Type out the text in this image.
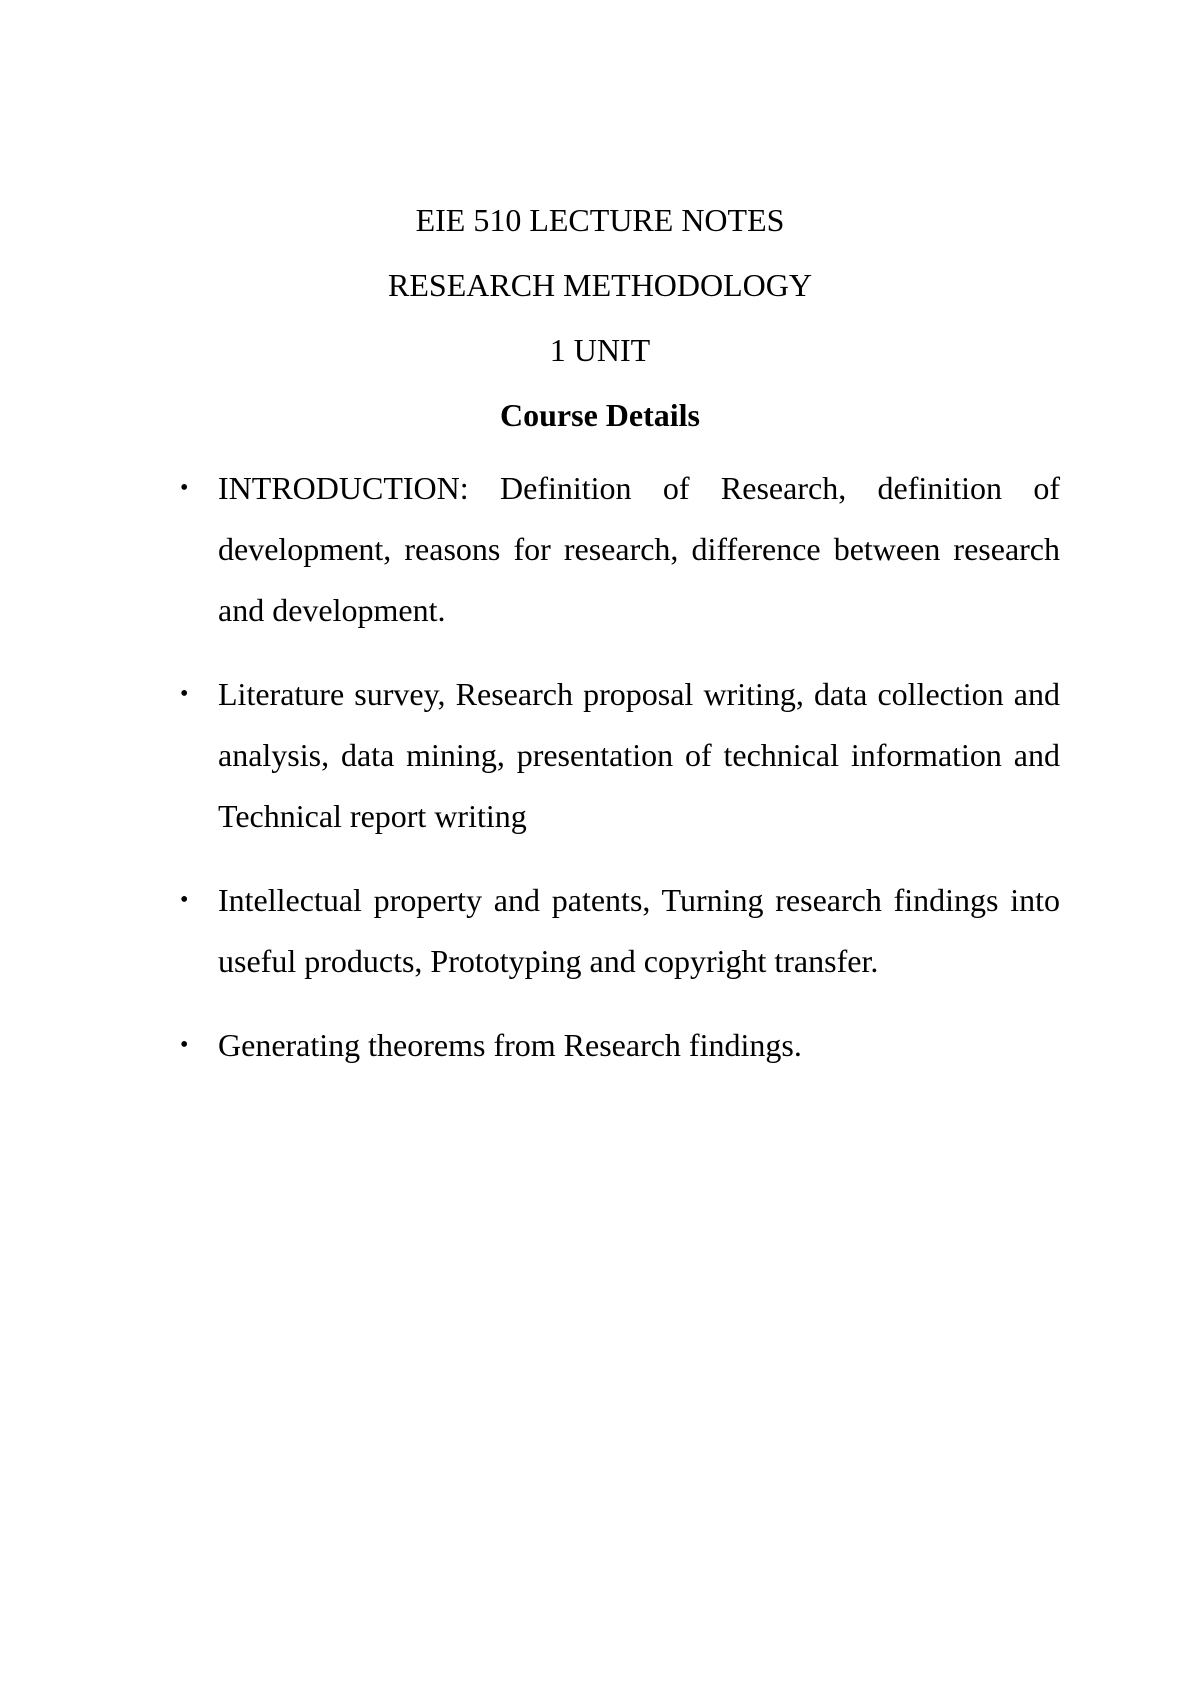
EIE 510 LECTURE NOTES
RESEARCH METHODOLOGY
1 UNIT
Course Details
• INTRODUCTION: Definition of Research, definition of development, reasons for research, difference between research and development.
• Literature survey, Research proposal writing, data collection and analysis, data mining, presentation of technical information and Technical report writing
• Intellectual property and patents, Turning research findings into useful products, Prototyping and copyright transfer.
• Generating theorems from Research findings.
